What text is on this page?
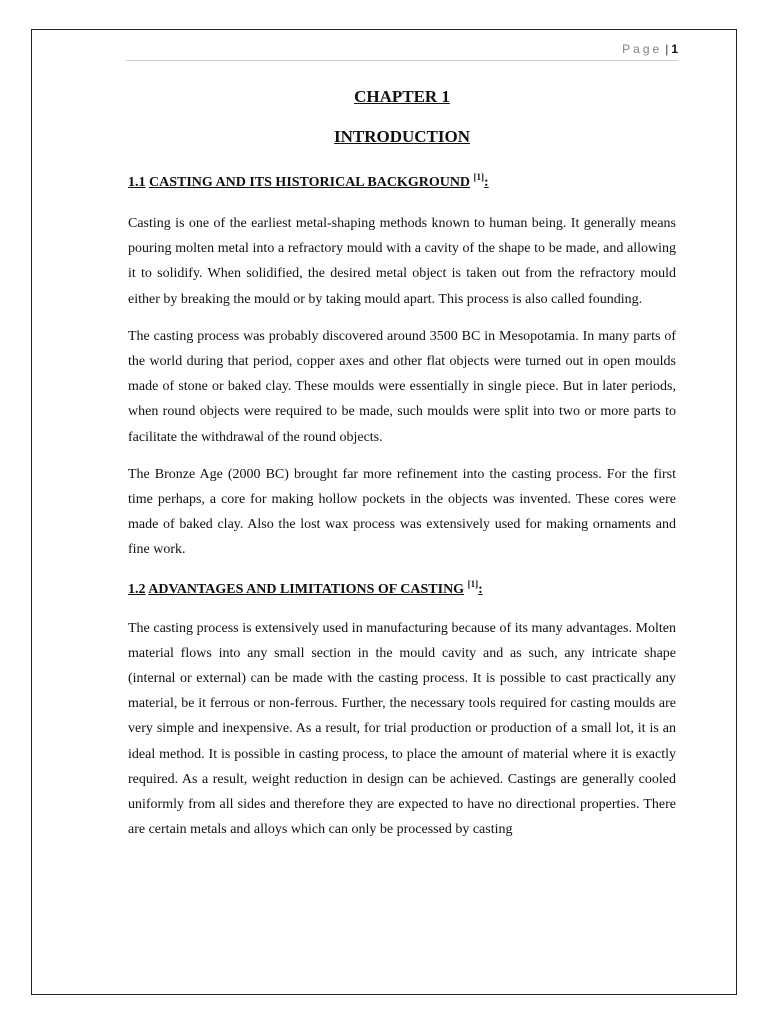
Page | 1
CHAPTER 1
INTRODUCTION
1.1 CASTING AND ITS HISTORICAL BACKGROUND [1]:

Casting is one of the earliest metal-shaping methods known to human being. It generally means pouring molten metal into a refractory mould with a cavity of the shape to be made, and allowing it to solidify. When solidified, the desired metal object is taken out from the refractory mould either by breaking the mould or by taking mould apart. This process is also called founding.

The casting process was probably discovered around 3500 BC in Mesopotamia. In many parts of the world during that period, copper axes and other flat objects were turned out in open moulds made of stone or baked clay. These moulds were essentially in single piece. But in later periods, when round objects were required to be made, such moulds were split into two or more parts to facilitate the withdrawal of the round objects.

The Bronze Age (2000 BC) brought far more refinement into the casting process. For the first time perhaps, a core for making hollow pockets in the objects was invented. These cores were made of baked clay. Also the lost wax process was extensively used for making ornaments and fine work.

1.2 ADVANTAGES AND LIMITATIONS OF CASTING [1]:

The casting process is extensively used in manufacturing because of its many advantages. Molten material flows into any small section in the mould cavity and as such, any intricate shape (internal or external) can be made with the casting process. It is possible to cast practically any material, be it ferrous or non-ferrous. Further, the necessary tools required for casting moulds are very simple and inexpensive. As a result, for trial production or production of a small lot, it is an ideal method. It is possible in casting process, to place the amount of material where it is exactly required. As a result, weight reduction in design can be achieved. Castings are generally cooled uniformly from all sides and therefore they are expected to have no directional properties. There are certain metals and alloys which can only be processed by casting
